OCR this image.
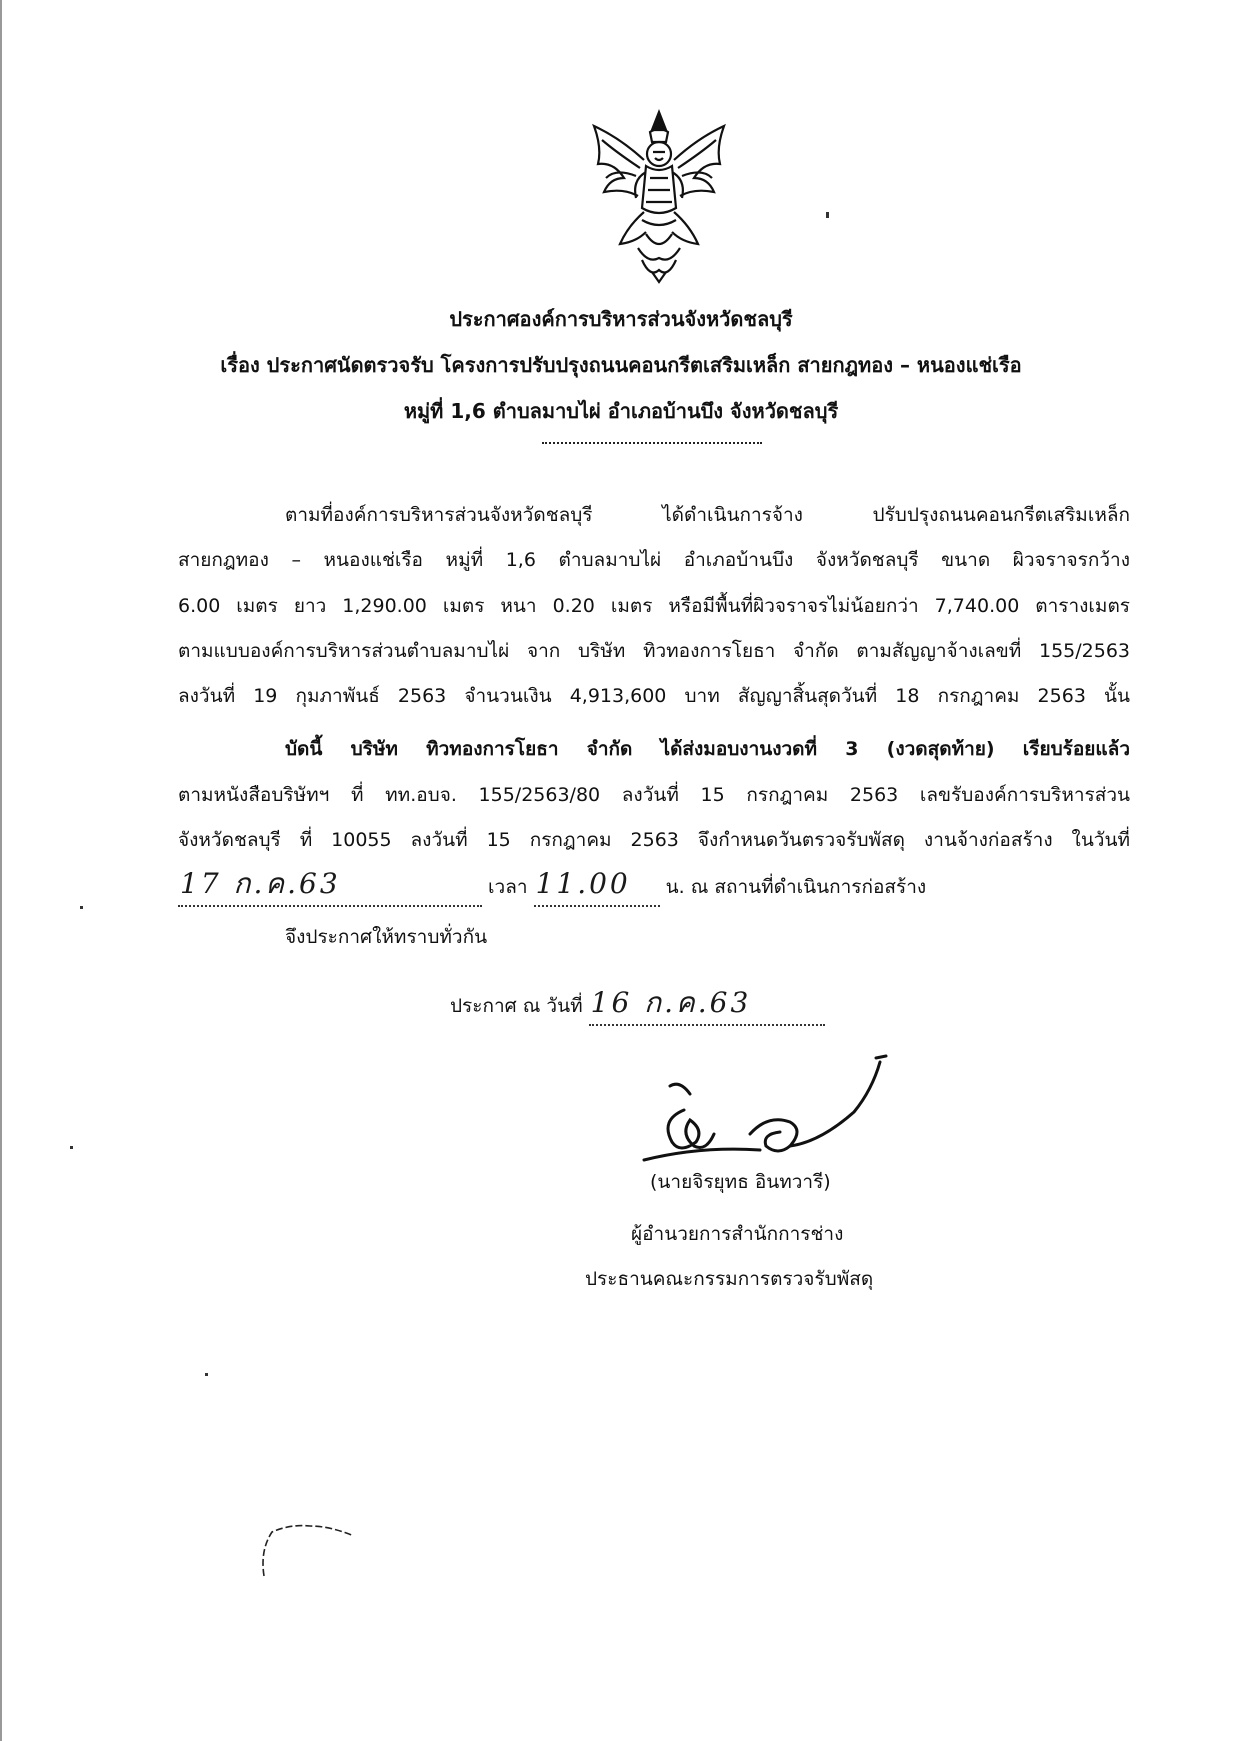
ประกาศองค์การบริหารส่วนจังหวัดชลบุรี
เรื่อง ประกาศนัดตรวจรับ โครงการปรับปรุงถนนคอนกรีตเสริมเหล็ก สายกฎทอง – หนองแช่เรือ
หมู่ที่ 1,6 ตำบลมาบไผ่ อำเภอบ้านบึง จังหวัดชลบุรี
ตามที่องค์การบริหารส่วนจังหวัดชลบุรี ได้ดำเนินการจ้าง ปรับปรุงถนนคอนกรีตเสริมเหล็ก
สายกฎทอง – หนองแช่เรือ หมู่ที่ 1,6 ตำบลมาบไผ่ อำเภอบ้านบึง จังหวัดชลบุรี ขนาด ผิวจราจรกว้าง
6.00 เมตร ยาว 1,290.00 เมตร หนา 0.20 เมตร หรือมีพื้นที่ผิวจราจรไม่น้อยกว่า 7,740.00 ตารางเมตร
ตามแบบองค์การบริหารส่วนตำบลมาบไผ่ จาก บริษัท ทิวทองการโยธา จำกัด ตามสัญญาจ้างเลขที่ 155/2563
ลงวันที่ 19 กุมภาพันธ์ 2563 จำนวนเงิน 4,913,600 บาท สัญญาสิ้นสุดวันที่ 18 กรกฎาคม 2563 นั้น
บัดนี้ บริษัท ทิวทองการโยธา จำกัด ได้ส่งมอบงานงวดที่ 3 (งวดสุดท้าย) เรียบร้อยแล้ว
ตามหนังสือบริษัทฯ ที่ ทท.อบจ. 155/2563/80 ลงวันที่ 15 กรกฎาคม 2563 เลขรับองค์การบริหารส่วน
จังหวัดชลบุรี ที่ 10055 ลงวันที่ 15 กรกฎาคม 2563 จึงกำหนดวันตรวจรับพัสดุ งานจ้างก่อสร้าง ในวันที่
17 ก.ค.63	เวลา 11.00 น. ณ สถานที่ดำเนินการก่อสร้าง
จึงประกาศให้ทราบทั่วกัน
ประกาศ ณ วันที่ 16 ก.ค.63
(นายจิรยุทธ อินทวารี)
ผู้อำนวยการสำนักการช่าง
ประธานคณะกรรมการตรวจรับพัสดุ
